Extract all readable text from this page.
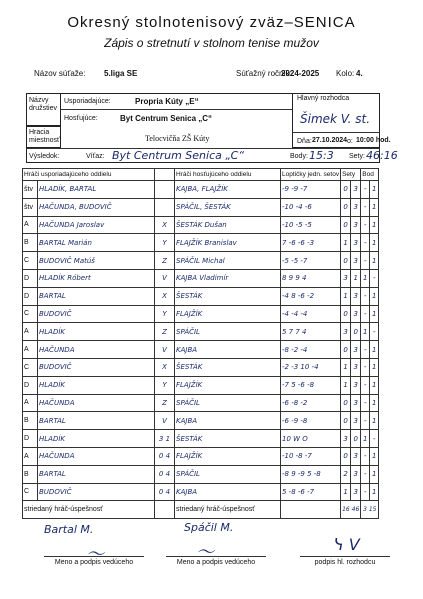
Okresný stolnotenisový zväz–SENICA
Zápis o stretnutí v stolnom tenise mužov
Názov súťaže: 5.liga SE	Súťažný ročník:
2024-2025 Kolo: 4.
Názvy družstiev
Usporiadajúce:	Propria Kúty „E“
Hosťujúce:	Byt Centrum Senica „C“
Hracia miestnosť	Telocvičňa ZŠ Kúty
Hlavný rozhodca
Šimek V. st.
Dňa: 27.10.2024 o: 10:00 hod.
Výsledok:	Víťaz: Byt Centrum Senica „C“	Body: 15:3 Sety: 46:16
Hráči usporiadajúceho oddielu			Hráči hosťujúceho oddielu	Loptičky jedn. setov	Sety		Bod	
štv	HLADÍK, BARTAL		KAJBA, FLAJŽÍK	-9 -9 -7	0	3	-	1
štv	HAČUNDA, BUDOVIČ		SPÁČIL, ŠESTÁK	-10 -4 -6	0	3	-	1
A	HAČUNDA Jaroslav	X	ŠESTÁK Dušan	-10 -5 -5	0	3	-	1
B	BARTAL Marián	Y	FLAJŽÍK Branislav	7 -6 -6 -3	1	3	-	1
C	BUDOVIČ Matúš	Z	SPÁČIL Michal	-5 -5 -7	0	3	-	1
D	HLADÍK Róbert	V	KAJBA Vladimír	8 9 9 4	3	1	1	-
D	BARTAL	X	ŠESTÁK	-4 8 -6 -2	1	3	-	1
C	BUDOVIČ	Y	FLAJŽÍK	-4 -4 -4	0	3	-	1
A	HLADÍK	Z	SPÁČIL	5 7 7 4	3	0	1	-
A	HAČUNDA	V	KAJBA	-8 -2 -4	0	3	-	1
C	BUDOVIČ	X	ŠESTÁK	-2 -3 10 -4	1	3	-	1
D	HLADÍK	Y	FLAJŽÍK	-7 5 -6 -8	1	3	-	1
A	HAČUNDA	Z	SPÁČIL	-6 -8 -2	0	3	-	1
B	BARTAL	V	KAJBA	-6 -9 -8	0	3	-	1
D	HLADÍK	3 1	ŠESTÁK	10 W O	3	0	1	-
A	HAČUNDA	0 4	FLAJŽÍK	-10 -8 -7	0	3	-	1
B	BARTAL	0 4	SPÁČIL	-8 9 -9 5 -8	2	3	-	1
C	BUDOVIČ	0 4	KAJBA	5 -8 -6 -7	1	3	-	1
striedaný hráč-úspešnosť			striedaný hráč-úspešnosť		16 46		3 15	
Bartal M.
〜
Meno a podpis vedúceho
Spáčil M.
〜
Meno a podpis vedúceho
ᓭ V
podpis hl. rozhodcu
